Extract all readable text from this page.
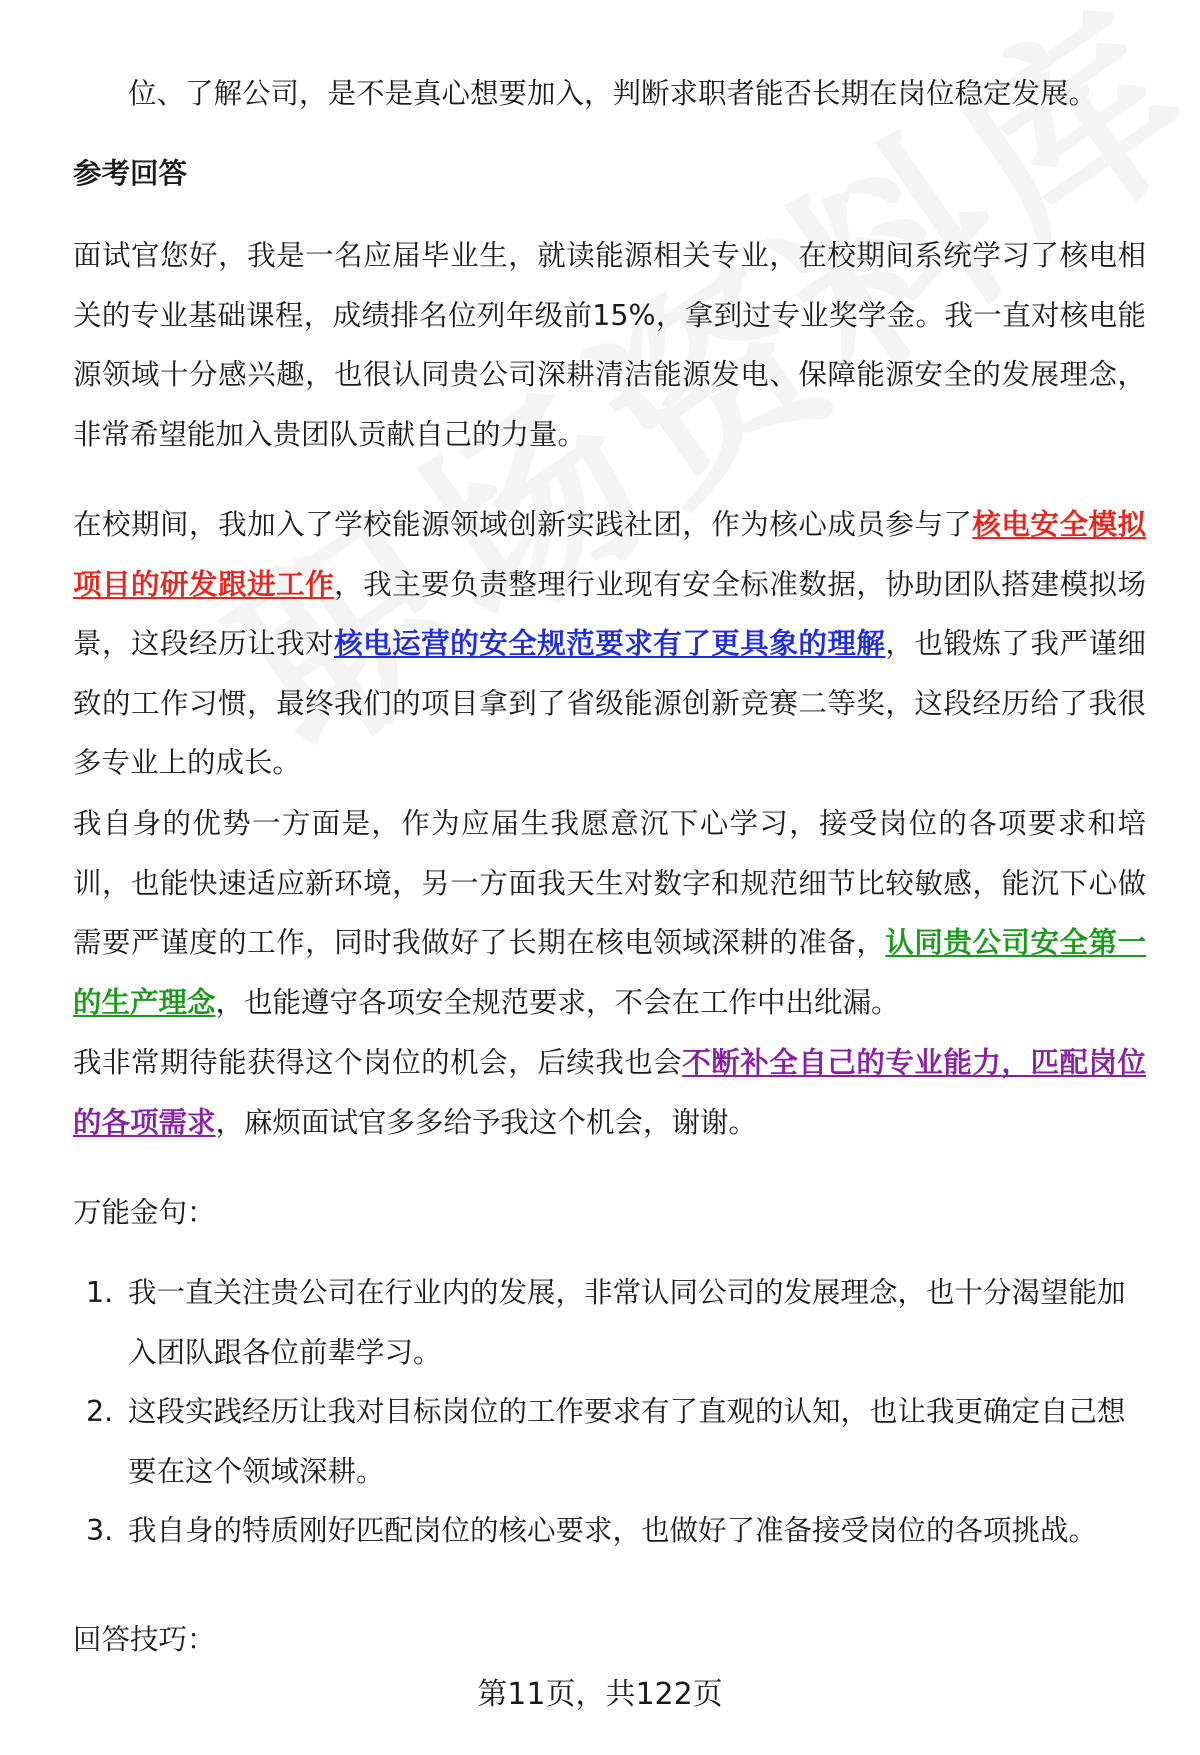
位、了解公司，是不是真心想要加入，判断求职者能否长期在岗位稳定发展。

参考回答

面试官您好，我是一名应届毕业生，就读能源相关专业，在校期间系统学习了核电相关的专业基础课程，成绩排名位列年级前15%，拿到过专业奖学金。我一直对核电能源领域十分感兴趣，也很认同贵公司深耕清洁能源发电、保障能源安全的发展理念，非常希望能加入贵团队贡献自己的力量。

在校期间，我加入了学校能源领域创新实践社团，作为核心成员参与了核电安全模拟项目的研发跟进工作，我主要负责整理行业现有安全标准数据，协助团队搭建模拟场景，这段经历让我对核电运营的安全规范要求有了更具象的理解，也锻炼了我严谨细致的工作习惯，最终我们的项目拿到了省级能源创新竞赛二等奖，这段经历给了我很多专业上的成长。

我自身的优势一方面是，作为应届生我愿意沉下心学习，接受岗位的各项要求和培训，也能快速适应新环境，另一方面我天生对数字和规范细节比较敏感，能沉下心做需要严谨度的工作，同时我做好了长期在核电领域深耕的准备，认同贵公司安全第一的生产理念，也能遵守各项安全规范要求，不会在工作中出纰漏。

我非常期待能获得这个岗位的机会，后续我也会不断补全自己的专业能力，匹配岗位的各项需求，麻烦面试官多多给予我这个机会，谢谢。

万能金句：

1. 我一直关注贵公司在行业内的发展，非常认同公司的发展理念，也十分渴望能加入团队跟各位前辈学习。
2. 这段实践经历让我对目标岗位的工作要求有了直观的认知，也让我更确定自己想要在这个领域深耕。
3. 我自身的特质刚好匹配岗位的核心要求，也做好了准备接受岗位的各项挑战。

回答技巧：

第11页，共122页
